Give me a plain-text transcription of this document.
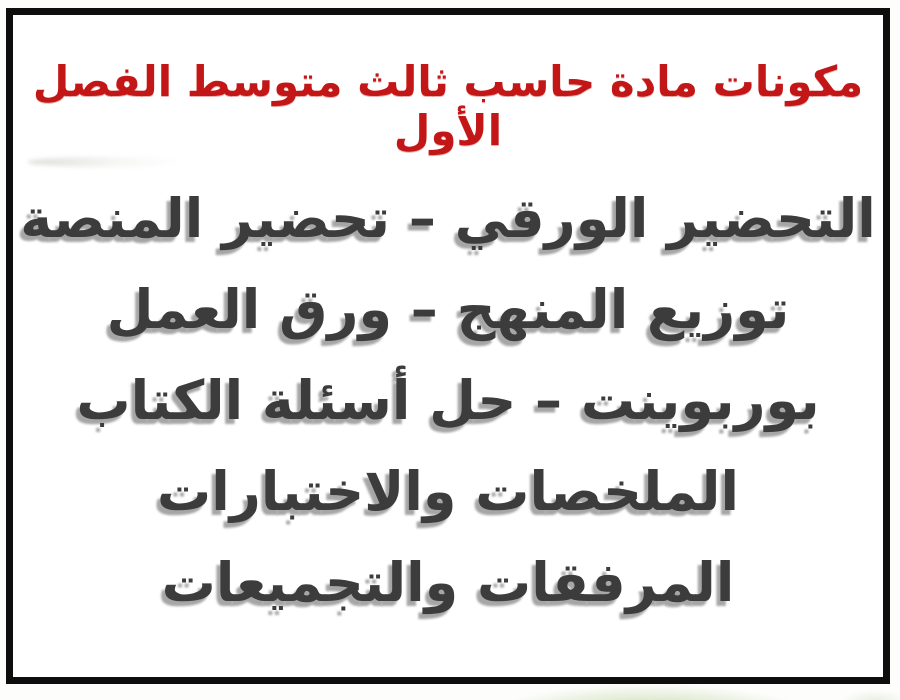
مكونات مادة حاسب ثالث متوسط الفصل الأول
التحضير الورقي – تحضير المنصة
توزيع المنهج – ورق العمل
بوربوينت – حل أسئلة الكتاب
الملخصات والاختبارات
المرفقات والتجميعات
